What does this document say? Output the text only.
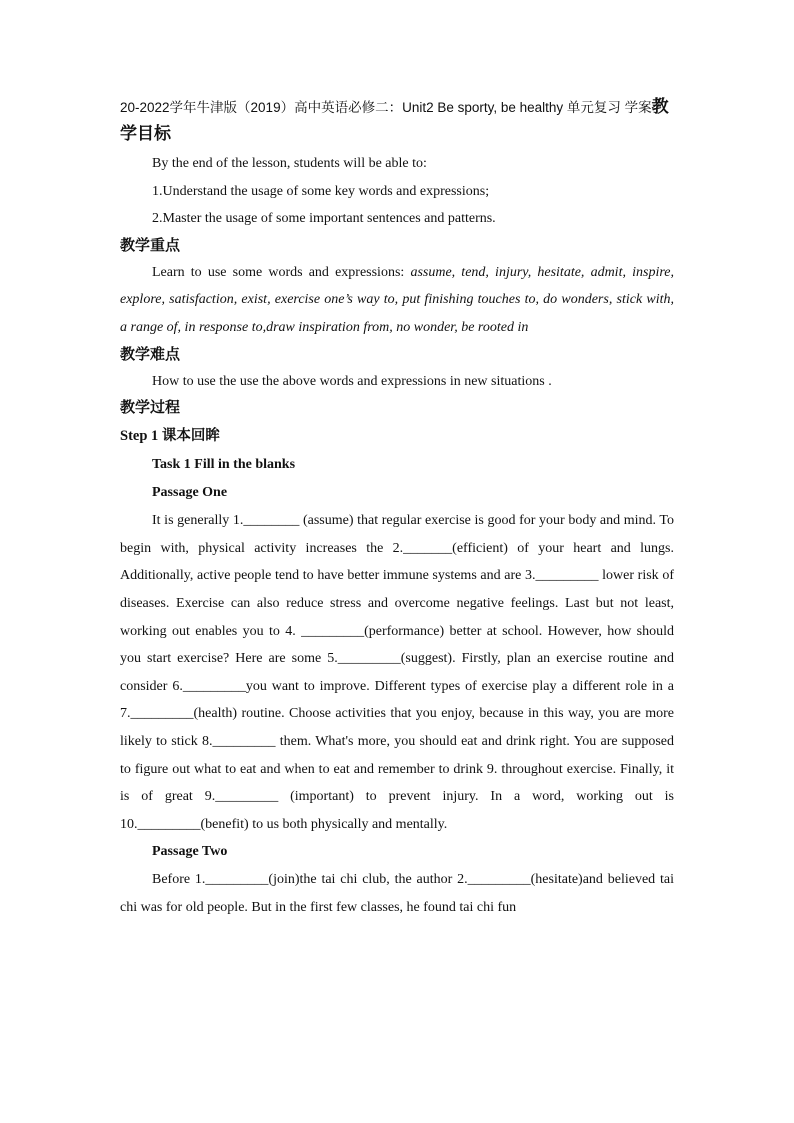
20-2022学年牛津版（2019）高中英语必修二：Unit2 Be sporty, be healthy 单元复习 学案教学目标

By the end of the lesson, students will be able to:

1.Understand the usage of some key words and expressions;

2.Master the usage of some important sentences and patterns.

教学重点

Learn to use some words and expressions: assume, tend, injury, hesitate, admit, inspire, explore, satisfaction, exist, exercise one’s way to, put finishing touches to, do wonders, stick with, a range of, in response to,draw inspiration from, no wonder, be rooted in

教学难点

How to use the use the above words and expressions in new situations .

教学过程

Step 1 课本回眸

Task 1 Fill in the blanks

Passage One

It is generally 1.________ (assume) that regular exercise is good for your body and mind. To begin with, physical activity increases the 2._______(efficient) of your heart and lungs. Additionally, active people tend to have better immune systems and are 3._________ lower risk of diseases. Exercise can also reduce stress and overcome negative feelings. Last but not least, working out enables you to 4. _________(performance) better at school. However, how should you start exercise? Here are some 5._________(suggest). Firstly, plan an exercise routine and consider 6._________you want to improve. Different types of exercise play a different role in a 7._________(health) routine. Choose activities that you enjoy, because in this way, you are more likely to stick 8._________ them. What's more, you should eat and drink right. You are supposed to figure out what to eat and when to eat and remember to drink 9. throughout exercise. Finally, it is of great 9._________ (important) to prevent injury. In a word, working out is 10._________(benefit) to us both physically and mentally.

Passage Two

Before 1._________(join)the tai chi club, the author 2._________(hesitate)and believed tai chi was for old people. But in the first few classes, he found tai chi fun
